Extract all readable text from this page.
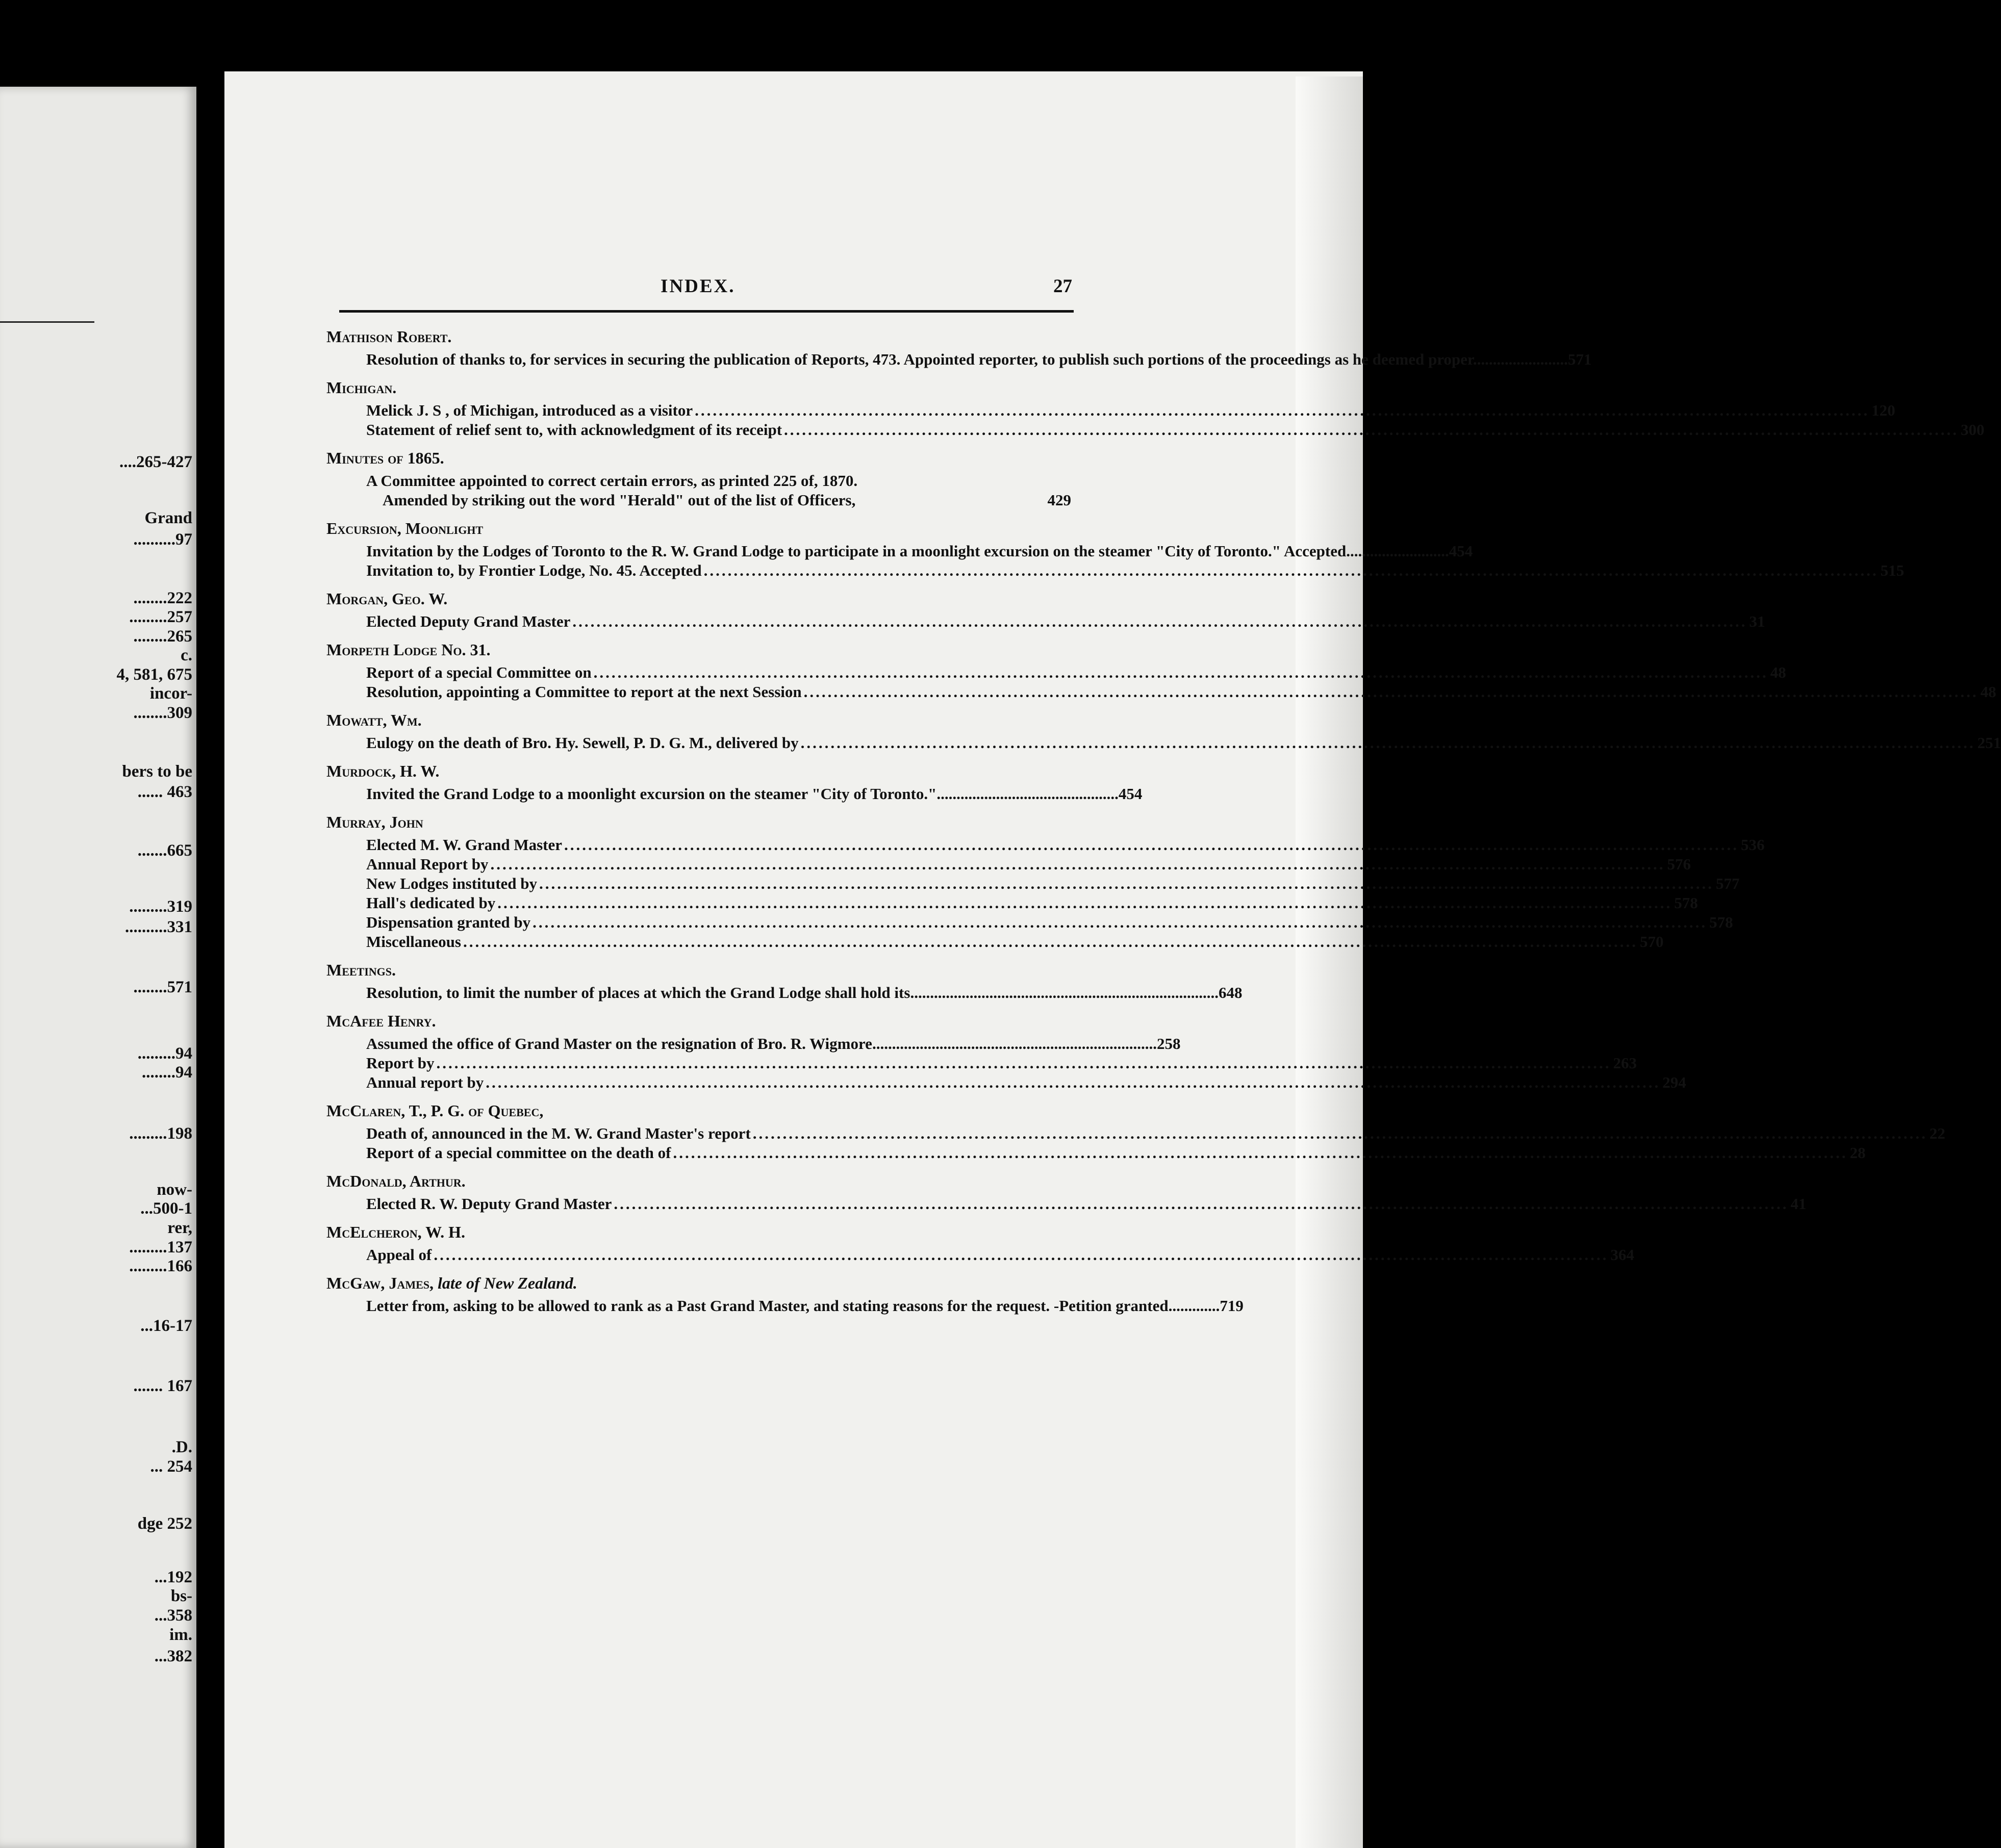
....265-427
Grand
..........97
........222
.........257
........265
c.
4, 581, 675
incor-
........309
bers to be
...... 463
.......665
.........319
..........331
........571
.........94
........94
.........198
now-
...500-1
rer,
.........137
.........166
...16-17
....... 167
.D.
... 254
dge 252
...192
bs-
...358
im.
...382
INDEX.	27
Mathison Robert.
Resolution of thanks to, for services in securing the publication of Reports, 473. Appointed reporter, to publish such portions of the proceedings as he deemed proper........................571
Michigan.
Melick J. S , of Michigan, introduced as a visitor .....	120
Statement of relief sent to, with acknowledgment of its receipt .....	300
Minutes of 1865.
A Committee appointed to correct certain errors, as printed 225 of, 1870.
Amended by striking out the word "Herald" out of the list of Officers,	429
Excursion, Moonlight
Invitation by the Lodges of Toronto to the R. W. Grand Lodge to participate in a moonlight excursion on the steamer "City of Toronto." Accepted..........................454
Invitation to, by Frontier Lodge, No. 45. Accepted .....	515
Morgan, Geo. W.
Elected Deputy Grand Master .....	31
Morpeth Lodge No. 31.
Report of a special Committee on .....	48
Resolution, appointing a Committee to report at the next Session .....	48
Mowatt, Wm.
Eulogy on the death of Bro. Hy. Sewell, P. D. G. M., delivered by .....	251
Murdock, H. W.
Invited the Grand Lodge to a moonlight excursion on the steamer "City of Toronto."..............................................454
Murray, John
Elected M. W. Grand Master .....	536
Annual Report by .....	576
New Lodges instituted by .....	577
Hall's dedicated by .....	578
Dispensation granted by .....	578
Miscellaneous .....	570
Meetings.
Resolution, to limit the number of places at which the Grand Lodge shall hold its..............................................................................648
McAfee Henry.
Assumed the office of Grand Master on the resignation of Bro. R. Wigmore........................................................................258
Report by .....	263
Annual report by .....	294
McClaren, T., P. G. of Quebec,
Death of, announced in the M. W. Grand Master's report .....	22
Report of a special committee on the death of .....	28
McDonald, Arthur.
Elected R. W. Deputy Grand Master .....	41
McElcheron, W. H.
Appeal of .....	364
McGaw, James, late of New Zealand.
Letter from, asking to be allowed to rank as a Past Grand Master, and stating reasons for the request. -Petition granted.............719
